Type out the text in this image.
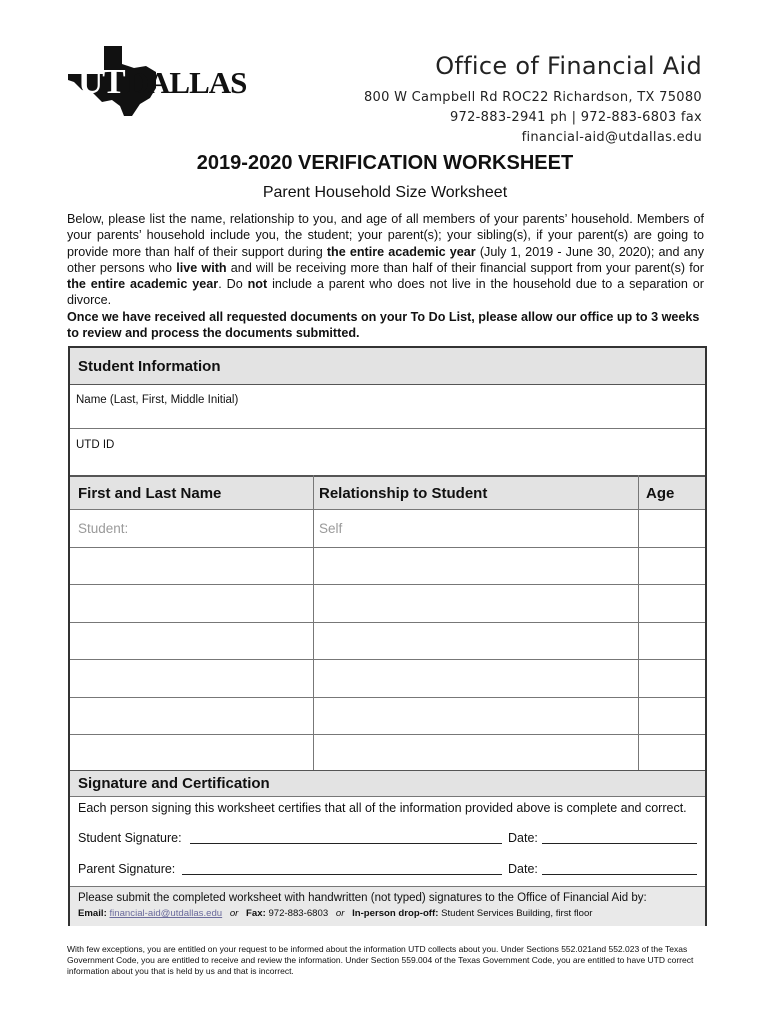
UTDALLAS	Office of Financial Aid
800 W Campbell Rd ROC22 Richardson, TX 75080
972-883-2941 ph | 972-883-6803 fax
financial-aid@utdallas.edu
2019-2020 VERIFICATION WORKSHEET
Parent Household Size Worksheet
Below, please list the name, relationship to you, and age of all members of your parents’ household. Members of your parents’ household include you, the student; your parent(s); your sibling(s), if your parent(s) are going to provide more than half of their support during the entire academic year (July 1, 2019 - June 30, 2020); and any other persons who live with and will be receiving more than half of their financial support from your parent(s) for the entire academic year. Do not include a parent who does not live in the household due to a separation or divorce.
Once we have received all requested documents on your To Do List, please allow our office up to 3 weeks to review and process the documents submitted.
Student Information
Name (Last, First, Middle Initial)
UTD ID
First and Last Name	Relationship to Student	Age
Student:	Self
Signature and Certification
Each person signing this worksheet certifies that all of the information provided above is complete and correct.
Student Signature:	Date:
Parent Signature:	Date:
Please submit the completed worksheet with handwritten (not typed) signatures to the Office of Financial Aid by:
Email: financial-aid@utdallas.edu or Fax: 972-883-6803 or In-person drop-off: Student Services Building, first floor
With few exceptions, you are entitled on your request to be informed about the information UTD collects about you. Under Sections 552.021and 552.023 of the Texas Government Code, you are entitled to receive and review the information. Under Section 559.004 of the Texas Government Code, you are entitled to have UTD correct information about you that is held by us and that is incorrect.
